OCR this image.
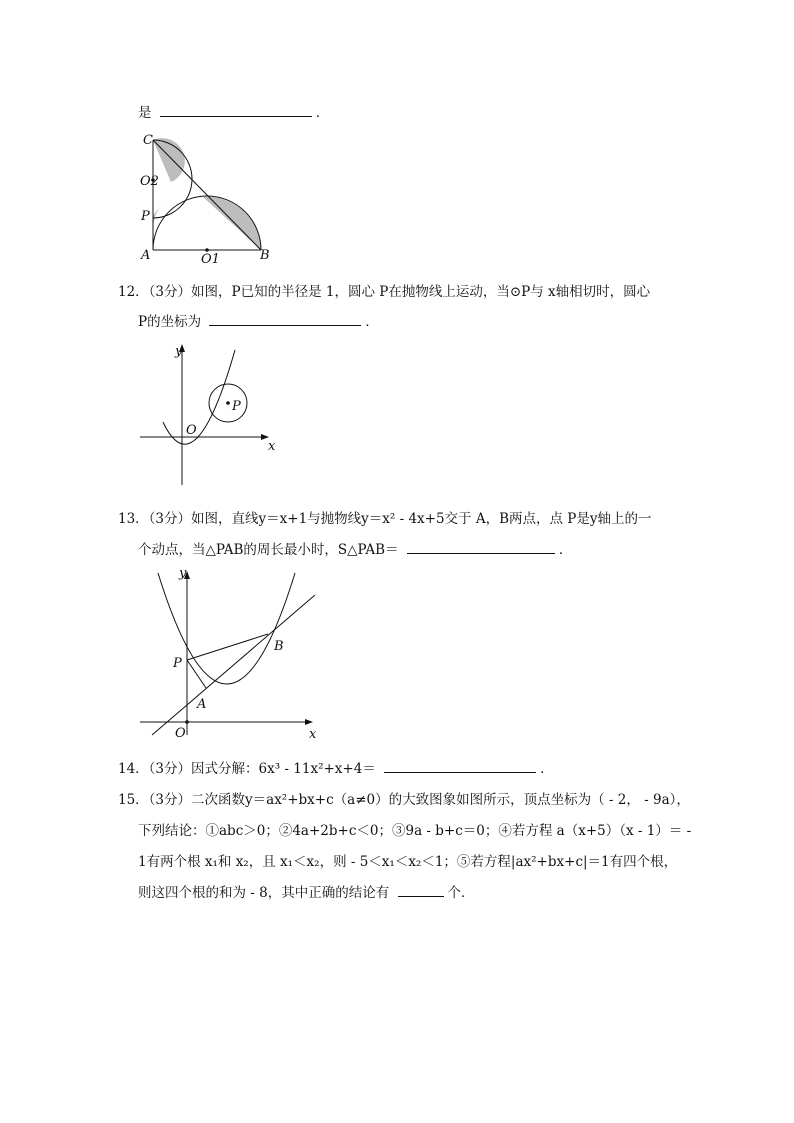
是	．
C
O2
P
A	O1	B
12．（3分）如图，P已知的半径是 1，圆心 P在抛物线上运动，当⊙P与 x轴相切时，圆心
P的坐标为	．
y
O
x
P
13．（3分）如图，直线y＝x+1与抛物线y＝x² - 4x+5交于 A，B两点，点 P是y轴上的一
个动点，当△PAB的周长最小时，S△PAB＝	．
y
P
B
A
O	x
14．（3分）因式分解：6x³ - 11x²+x+4＝	．
15．（3分）二次函数y＝ax²+bx+c（a≠0）的大致图象如图所示，顶点坐标为（ - 2， - 9a），
下列结论：①abc＞0；②4a+2b+c＜0；③9a - b+c＝0；④若方程 a（x+5）（x - 1）＝ -
1有两个根 x₁和 x₂，且 x₁＜x₂，则 - 5＜x₁＜x₂＜1；⑤若方程|ax²+bx+c|＝1有四个根，
则这四个根的和为 - 8，其中正确的结论有	个．
